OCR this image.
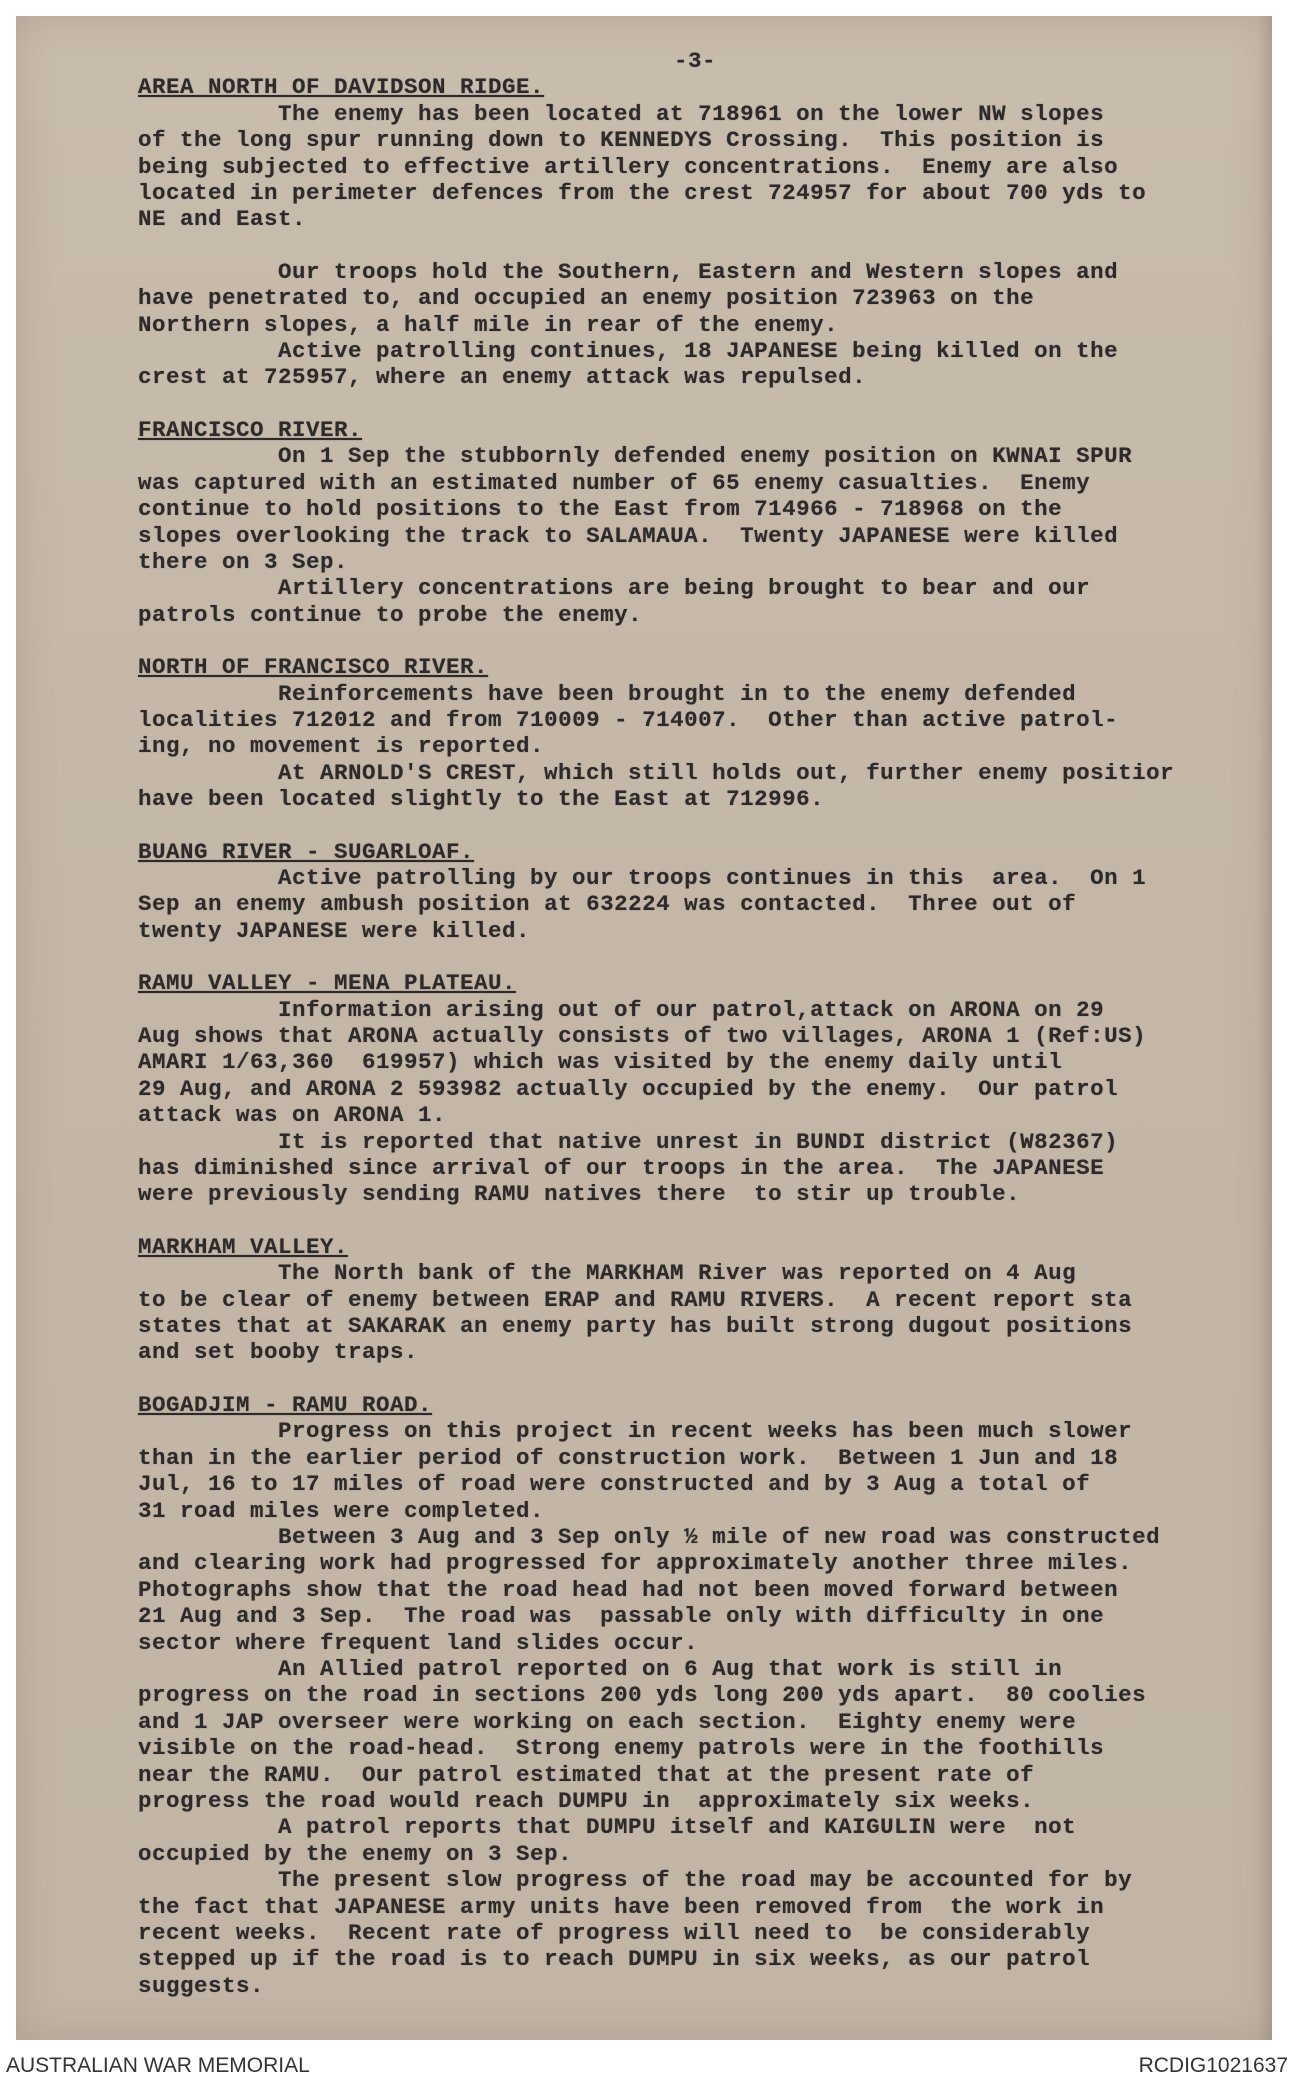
-3-
AREA NORTH OF DAVIDSON RIDGE.
The enemy has been located at 718961 on the lower NW slopes
of the long spur running down to KENNEDYS Crossing.  This position is
being subjected to effective artillery concentrations.  Enemy are also
located in perimeter defences from the crest 724957 for about 700 yds to
NE and East.
Our troops hold the Southern, Eastern and Western slopes and
have penetrated to, and occupied an enemy position 723963 on the
Northern slopes, a half mile in rear of the enemy.
Active patrolling continues, 18 JAPANESE being killed on the
crest at 725957, where an enemy attack was repulsed.
FRANCISCO RIVER.
On 1 Sep the stubbornly defended enemy position on KWNAI SPUR
was captured with an estimated number of 65 enemy casualties.  Enemy
continue to hold positions to the East from 714966 - 718968 on the
slopes overlooking the track to SALAMAUA.  Twenty JAPANESE were killed
there on 3 Sep.
Artillery concentrations are being brought to bear and our
patrols continue to probe the enemy.
NORTH OF FRANCISCO RIVER.
Reinforcements have been brought in to the enemy defended
localities 712012 and from 710009 - 714007.  Other than active patrol-
ing, no movement is reported.
At ARNOLD'S CREST, which still holds out, further enemy positior
have been located slightly to the East at 712996.
BUANG RIVER - SUGARLOAF.
Active patrolling by our troops continues in this  area.  On 1
Sep an enemy ambush position at 632224 was contacted.  Three out of
twenty JAPANESE were killed.
RAMU VALLEY - MENA PLATEAU.
Information arising out of our patrol,attack on ARONA on 29
Aug shows that ARONA actually consists of two villages, ARONA 1 (Ref:US)
AMARI 1/63,360  619957) which was visited by the enemy daily until
29 Aug, and ARONA 2 593982 actually occupied by the enemy.  Our patrol
attack was on ARONA 1.
It is reported that native unrest in BUNDI district (W82367)
has diminished since arrival of our troops in the area.  The JAPANESE
were previously sending RAMU natives there  to stir up trouble.
MARKHAM VALLEY.
The North bank of the MARKHAM River was reported on 4 Aug
to be clear of enemy between ERAP and RAMU RIVERS.  A recent report sta
states that at SAKARAK an enemy party has built strong dugout positions
and set booby traps.
BOGADJIM - RAMU ROAD.
Progress on this project in recent weeks has been much slower
than in the earlier period of construction work.  Between 1 Jun and 18
Jul, 16 to 17 miles of road were constructed and by 3 Aug a total of
31 road miles were completed.
Between 3 Aug and 3 Sep only ½ mile of new road was constructed
and clearing work had progressed for approximately another three miles.
Photographs show that the road head had not been moved forward between
21 Aug and 3 Sep.  The road was  passable only with difficulty in one
sector where frequent land slides occur.
An Allied patrol reported on 6 Aug that work is still in
progress on the road in sections 200 yds long 200 yds apart.  80 coolies
and 1 JAP overseer were working on each section.  Eighty enemy were
visible on the road-head.  Strong enemy patrols were in the foothills
near the RAMU.  Our patrol estimated that at the present rate of
progress the road would reach DUMPU in  approximately six weeks.
A patrol reports that DUMPU itself and KAIGULIN were  not
occupied by the enemy on 3 Sep.
The present slow progress of the road may be accounted for by
the fact that JAPANESE army units have been removed from  the work in
recent weeks.  Recent rate of progress will need to  be considerably
stepped up if the road is to reach DUMPU in six weeks, as our patrol
suggests.
AUSTRALIAN WAR MEMORIAL	RCDIG1021637
